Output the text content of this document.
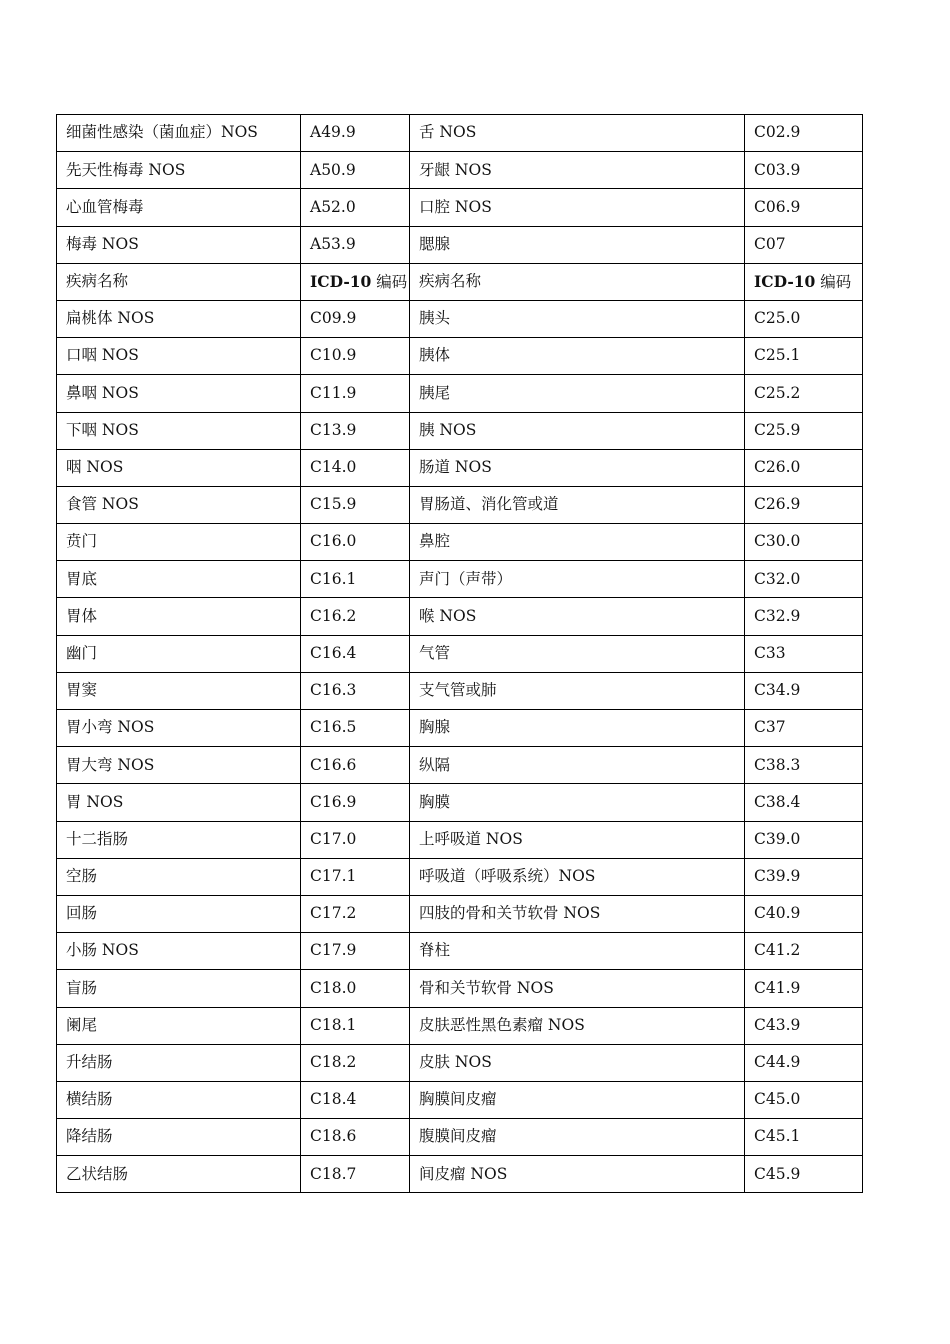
细菌性感染（菌血症）NOS	A49.9	舌 NOS	C02.9
先天性梅毒 NOS	A50.9	牙龈 NOS	C03.9
心血管梅毒	A52.0	口腔 NOS	C06.9
梅毒 NOS	A53.9	腮腺	C07
疾病名称	ICD-10 编码	疾病名称	ICD-10 编码
扁桃体 NOS	C09.9	胰头	C25.0
口咽 NOS	C10.9	胰体	C25.1
鼻咽 NOS	C11.9	胰尾	C25.2
下咽 NOS	C13.9	胰 NOS	C25.9
咽 NOS	C14.0	肠道 NOS	C26.0
食管 NOS	C15.9	胃肠道、消化管或道	C26.9
贲门	C16.0	鼻腔	C30.0
胃底	C16.1	声门（声带）	C32.0
胃体	C16.2	喉 NOS	C32.9
幽门	C16.4	气管	C33
胃窦	C16.3	支气管或肺	C34.9
胃小弯 NOS	C16.5	胸腺	C37
胃大弯 NOS	C16.6	纵隔	C38.3
胃 NOS	C16.9	胸膜	C38.4
十二指肠	C17.0	上呼吸道 NOS	C39.0
空肠	C17.1	呼吸道（呼吸系统）NOS	C39.9
回肠	C17.2	四肢的骨和关节软骨 NOS	C40.9
小肠 NOS	C17.9	脊柱	C41.2
盲肠	C18.0	骨和关节软骨 NOS	C41.9
阑尾	C18.1	皮肤恶性黑色素瘤 NOS	C43.9
升结肠	C18.2	皮肤 NOS	C44.9
横结肠	C18.4	胸膜间皮瘤	C45.0
降结肠	C18.6	腹膜间皮瘤	C45.1
乙状结肠	C18.7	间皮瘤 NOS	C45.9
